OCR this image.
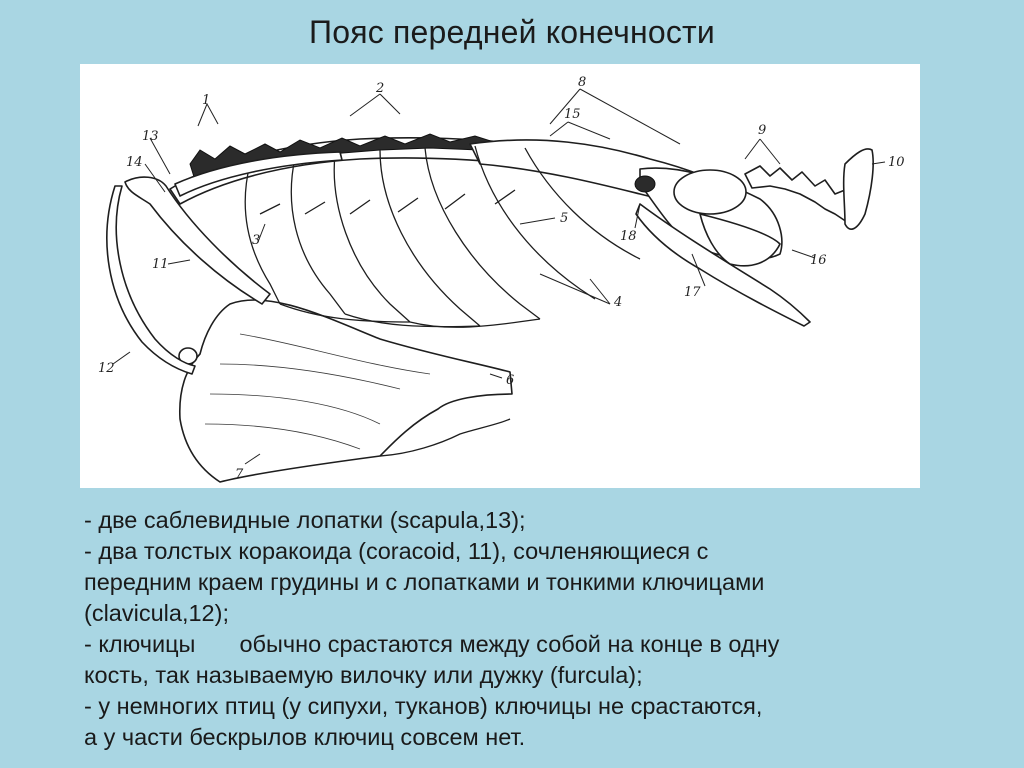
Пояс передней конечности
1
2
3
4
5
6
7
8
9
10
11
12
13
14
15
16
17
18

- две саблевидные лопатки (scapula,13);

- два толстых коракоида (coracoid, 11), сочленяющиеся с

передним краем грудины и с лопатками и тонкими ключицами

(clavicula,12);

- ключицы обычно срастаются между собой на конце в одну

кость, так называемую вилочку или дужку (furcula);

- у немногих птиц (у сипухи, туканов) ключицы не срастаются,

а у части бескрылов ключиц совсем нет.
